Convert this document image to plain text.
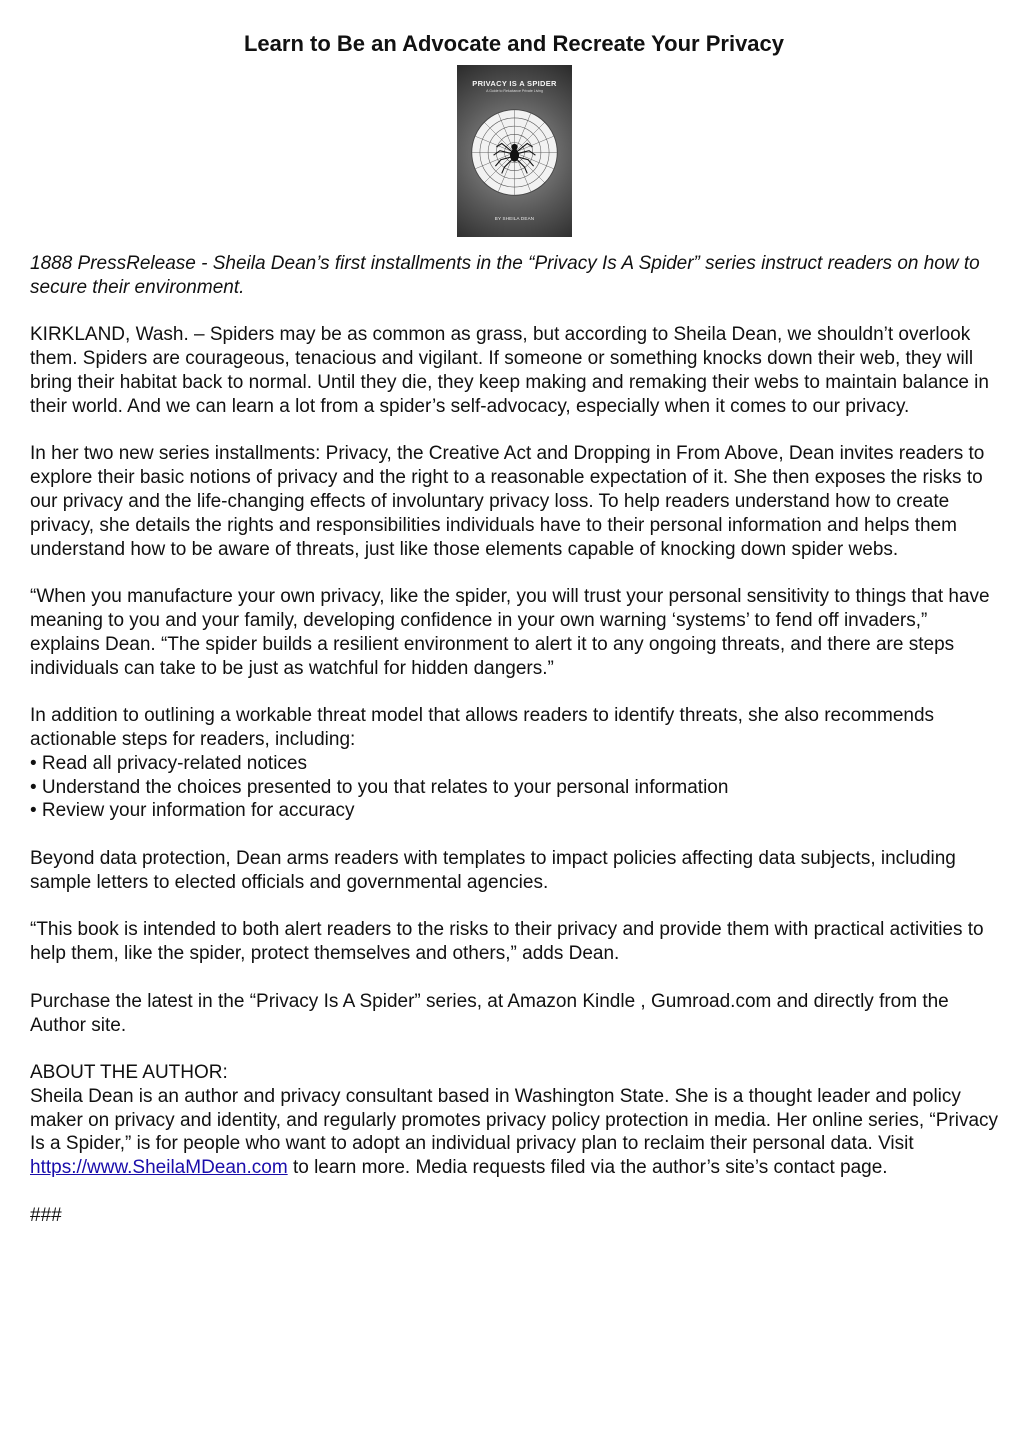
Learn to Be an Advocate and Recreate Your Privacy
PRIVACY IS A SPIDER
A Guide to Reluctance Private Living
BY SHEILA DEAN

1888 PressRelease - Sheila Dean’s first installments in the “Privacy Is A Spider” series instruct readers on how to secure their environment.

KIRKLAND, Wash. – Spiders may be as common as grass, but according to Sheila Dean, we shouldn’t overlook them. Spiders are courageous, tenacious and vigilant. If someone or something knocks down their web, they will bring their habitat back to normal. Until they die, they keep making and remaking their webs to maintain balance in their world. And we can learn a lot from a spider’s self-advocacy, especially when it comes to our privacy.

In her two new series installments: Privacy, the Creative Act and Dropping in From Above, Dean invites readers to explore their basic notions of privacy and the right to a reasonable expectation of it. She then exposes the risks to our privacy and the life-changing effects of involuntary privacy loss. To help readers understand how to create privacy, she details the rights and responsibilities individuals have to their personal information and helps them understand how to be aware of threats, just like those elements capable of knocking down spider webs.

“When you manufacture your own privacy, like the spider, you will trust your personal sensitivity to things that have meaning to you and your family, developing confidence in your own warning ‘systems’ to fend off invaders,” explains Dean. “The spider builds a resilient environment to alert it to any ongoing threats, and there are steps individuals can take to be just as watchful for hidden dangers.”

In addition to outlining a workable threat model that allows readers to identify threats, she also recommends actionable steps for readers, including:

• Read all privacy-related notices
• Understand the choices presented to you that relates to your personal information
• Review your information for accuracy

Beyond data protection, Dean arms readers with templates to impact policies affecting data subjects, including sample letters to elected officials and governmental agencies.

“This book is intended to both alert readers to the risks to their privacy and provide them with practical activities to help them, like the spider, protect themselves and others,” adds Dean.

Purchase the latest in the “Privacy Is A Spider” series, at Amazon Kindle , Gumroad.com and directly from the Author site.

ABOUT THE AUTHOR:

Sheila Dean is an author and privacy consultant based in Washington State. She is a thought leader and policy maker on privacy and identity, and regularly promotes privacy policy protection in media. Her online series, “Privacy Is a Spider,” is for people who want to adopt an individual privacy plan to reclaim their personal data. Visit https://www.SheilaMDean.com to learn more. Media requests filed via the author’s site’s contact page.

###
